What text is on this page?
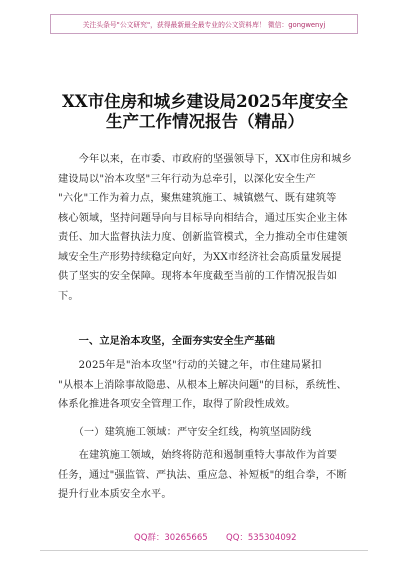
关注头条号"公文研究"，获得最新最全最专业的公文资料库！ 微信：gongwenyj
XX市住房和城乡建设局2025年度安全
生产工作情况报告（精品）
　　今年以来，在市委、市政府的坚强领导下，XX市住房和城乡
建设局以"治本攻坚"三年行动为总牵引，以深化安全生产
"六化"工作为着力点，聚焦建筑施工、城镇燃气、既有建筑等
核心领域，坚持问题导向与目标导向相结合，通过压实企业主体
责任、加大监督执法力度、创新监管模式，全力推动全市住建领
域安全生产形势持续稳定向好，为XX市经济社会高质量发展提
供了坚实的安全保障。现将本年度截至当前的工作情况报告如
下。
　　一、立足治本攻坚，全面夯实安全生产基础
　　2025年是"治本攻坚"行动的关键之年，市住建局紧扣
"从根本上消除事故隐患、从根本上解决问题"的目标，系统性、
体系化推进各项安全管理工作，取得了阶段性成效。
　　（一）建筑施工领域：严守安全红线，构筑坚固防线
　　在建筑施工领域，始终将防范和遏制重特大事故作为首要
任务，通过"强监管、严执法、重应急、补短板"的组合拳，不断
提升行业本质安全水平。
QQ群：30265665 QQ：535304092
